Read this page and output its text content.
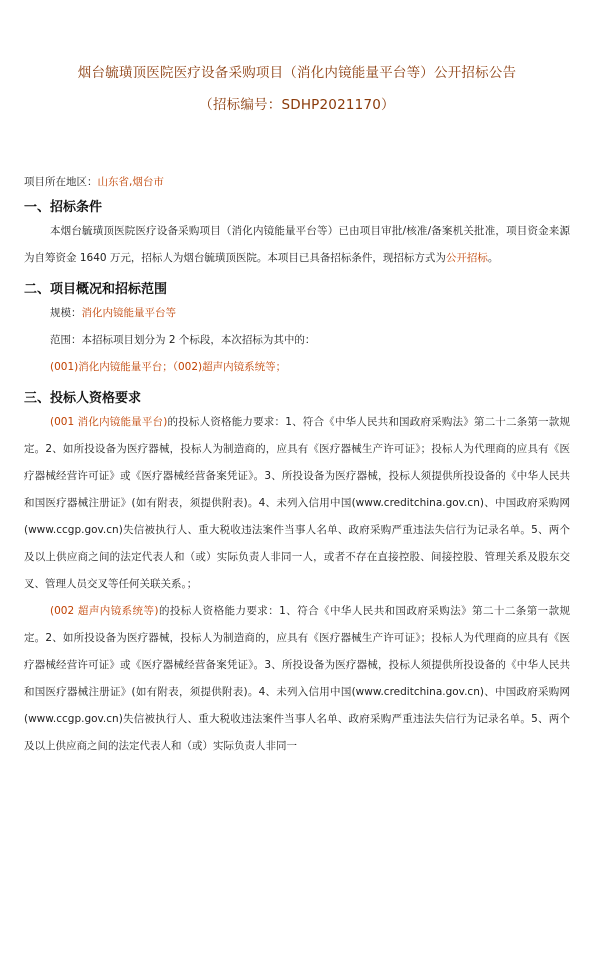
烟台毓璜顶医院医疗设备采购项目（消化内镜能量平台等）公开招标公告
（招标编号：SDHP2021170）
项目所在地区：山东省,烟台市
一、招标条件

本烟台毓璜顶医院医疗设备采购项目（消化内镜能量平台等）已由项目审批/核准/备案机关批准，项目资金来源为自筹资金 1640 万元，招标人为烟台毓璜顶医院。本项目已具备招标条件，现招标方式为公开招标。

二、项目概况和招标范围

规模：消化内镜能量平台等

范围：本招标项目划分为 2 个标段，本次招标为其中的：

(001)消化内镜能量平台；（002)超声内镜系统等；

三、投标人资格要求

(001 消化内镜能量平台)的投标人资格能力要求：1、符合《中华人民共和国政府采购法》第二十二条第一款规定。2、如所投设备为医疗器械，投标人为制造商的，应具有《医疗器械生产许可证》；投标人为代理商的应具有《医疗器械经营许可证》或《医疗器械经营备案凭证》。3、所投设备为医疗器械，投标人须提供所投设备的《中华人民共和国医疗器械注册证》(如有附表，须提供附表)。4、未列入信用中国(www.creditchina.gov.cn)、中国政府采购网(www.ccgp.gov.cn)失信被执行人、重大税收违法案件当事人名单、政府采购严重违法失信行为记录名单。5、两个及以上供应商之间的法定代表人和（或）实际负责人非同一人，或者不存在直接控股、间接控股、管理关系及股东交叉、管理人员交叉等任何关联关系。；

(002 超声内镜系统等)的投标人资格能力要求：1、符合《中华人民共和国政府采购法》第二十二条第一款规定。2、如所投设备为医疗器械，投标人为制造商的，应具有《医疗器械生产许可证》；投标人为代理商的应具有《医疗器械经营许可证》或《医疗器械经营备案凭证》。3、所投设备为医疗器械，投标人须提供所投设备的《中华人民共和国医疗器械注册证》(如有附表，须提供附表)。4、未列入信用中国(www.creditchina.gov.cn)、中国政府采购网(www.ccgp.gov.cn)失信被执行人、重大税收违法案件当事人名单、政府采购严重违法失信行为记录名单。5、两个及以上供应商之间的法定代表人和（或）实际负责人非同一
